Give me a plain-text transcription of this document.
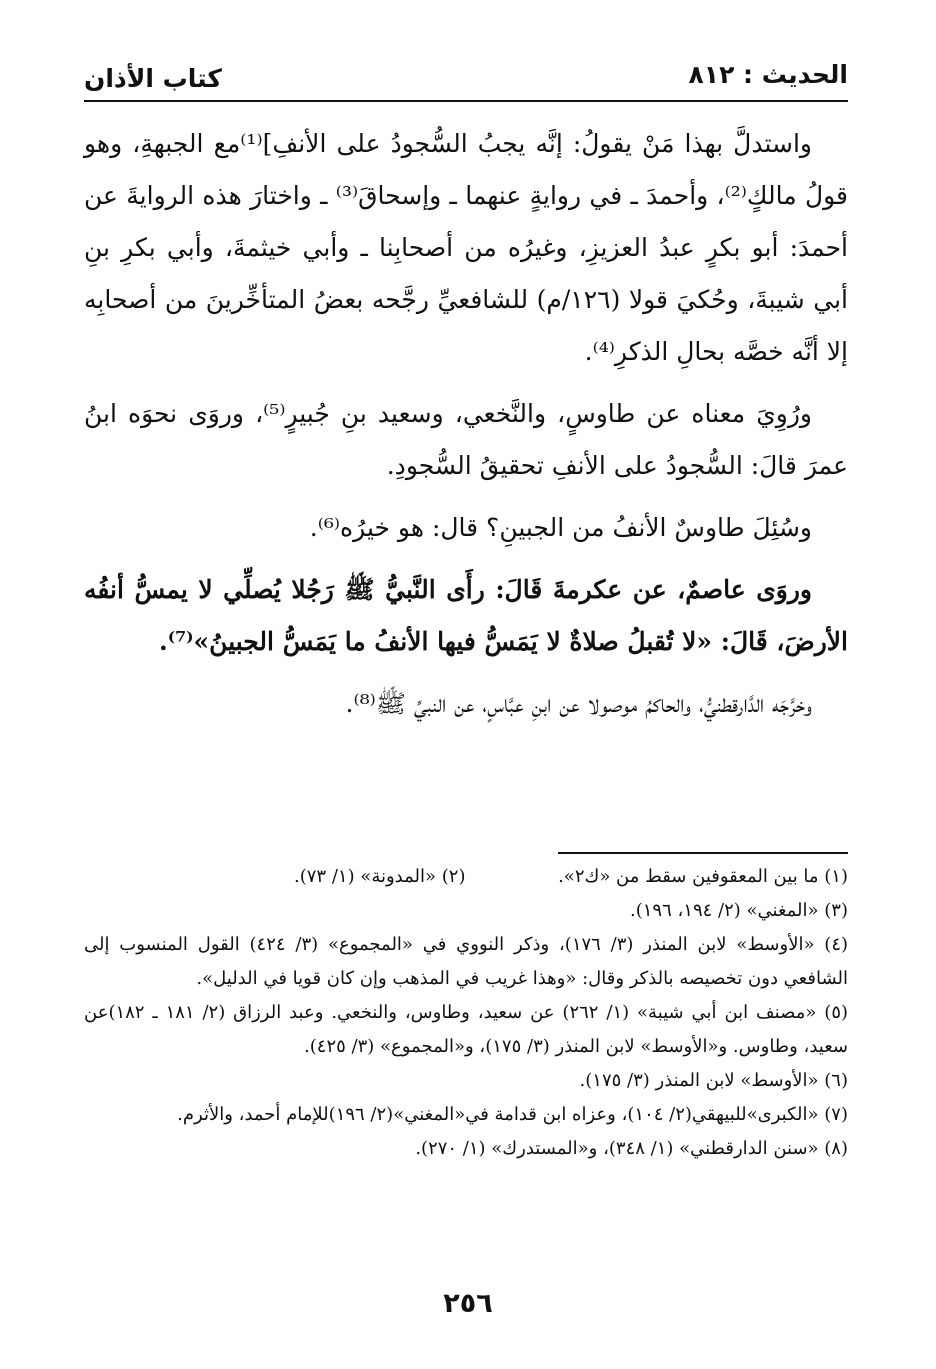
الحديث : ٨١٢
كتاب الأذان

واستدلَّ بهذا مَنْ يقولُ: إنَّه يجبُ السُّجودُ على الأنفِ]⁽¹⁾مع الجبهةِ، وهو قولُ مالكٍ⁽²⁾، وأحمدَ ـ في روايةٍ عنهما ـ وإسحاقَ⁽³⁾ ـ واختارَ هذه الروايةَ عن أحمدَ: أبو بكرٍ عبدُ العزيزِ، وغيرُه من أصحابِنا ـ وأبي خيثمةَ، وأبي بكرِ بنِ أبي شيبةَ، وحُكيَ قولا (١٢٦/م) للشافعيِّ رجَّحه بعضُ المتأخِّرينَ من أصحابِه إلا أنَّه خصَّه بحالِ الذكرِ⁽⁴⁾.

ورُوِيَ معناه عن طاوسٍ، والنَّخعي، وسعيد بنِ جُبيرٍ⁽⁵⁾، وروَى نحوَه ابنُ عمرَ قالَ: السُّجودُ على الأنفِ تحقيقُ السُّجودِ.

وسُئِلَ طاوسٌ الأنفُ من الجبينِ؟ قال: هو خيرُه⁽⁶⁾.

وروَى عاصمٌ، عن عكرمةَ قَالَ: رأَى النَّبيُّ ﷺ رَجُلا يُصلِّي لا يمسُّ أنفُه الأرضَ، قَالَ: «لا تُقبلُ صلاةٌ لا يَمَسُّ فيها الأنفُ ما يَمَسُّ الجبينُ»⁽⁷⁾.

وخرَّجَه الدَّارقطنيُّ، والحاكمُ موصولا عن ابنِ عبَّاسٍ، عن النبيِّ ﷺ⁽⁸⁾.

(١) ما بين المعقوفين سقط من «ك٢».
(٢) «المدونة» (١/ ٧٣).

(٣) «المغني» (٢/ ١٩٤، ١٩٦).

(٤) «الأوسط» لابن المنذر (٣/ ١٧٦)، وذكر النووي في «المجموع» (٣/ ٤٢٤) القول المنسوب إلى الشافعي دون تخصيصه بالذكر وقال: «وهذا غريب في المذهب وإن كان قويا في الدليل».

(٥) «مصنف ابن أبي شيبة» (١/ ٢٦٢) عن سعيد، وطاوس، والنخعي. وعبد الرزاق (٢/ ١٨١ ـ ١٨٢)عن سعيد، وطاوس. و«الأوسط» لابن المنذر (٣/ ١٧٥)، و«المجموع» (٣/ ٤٢٥).

(٦) «الأوسط» لابن المنذر (٣/ ١٧٥).

(٧) «الكبرى»للبيهقي(٢/ ١٠٤)، وعزاه ابن قدامة في«المغني»(٢/ ١٩٦)للإمام أحمد، والأثرم.

(٨) «سنن الدارقطني» (١/ ٣٤٨)، و«المستدرك» (١/ ٢٧٠).

٢٥٦
